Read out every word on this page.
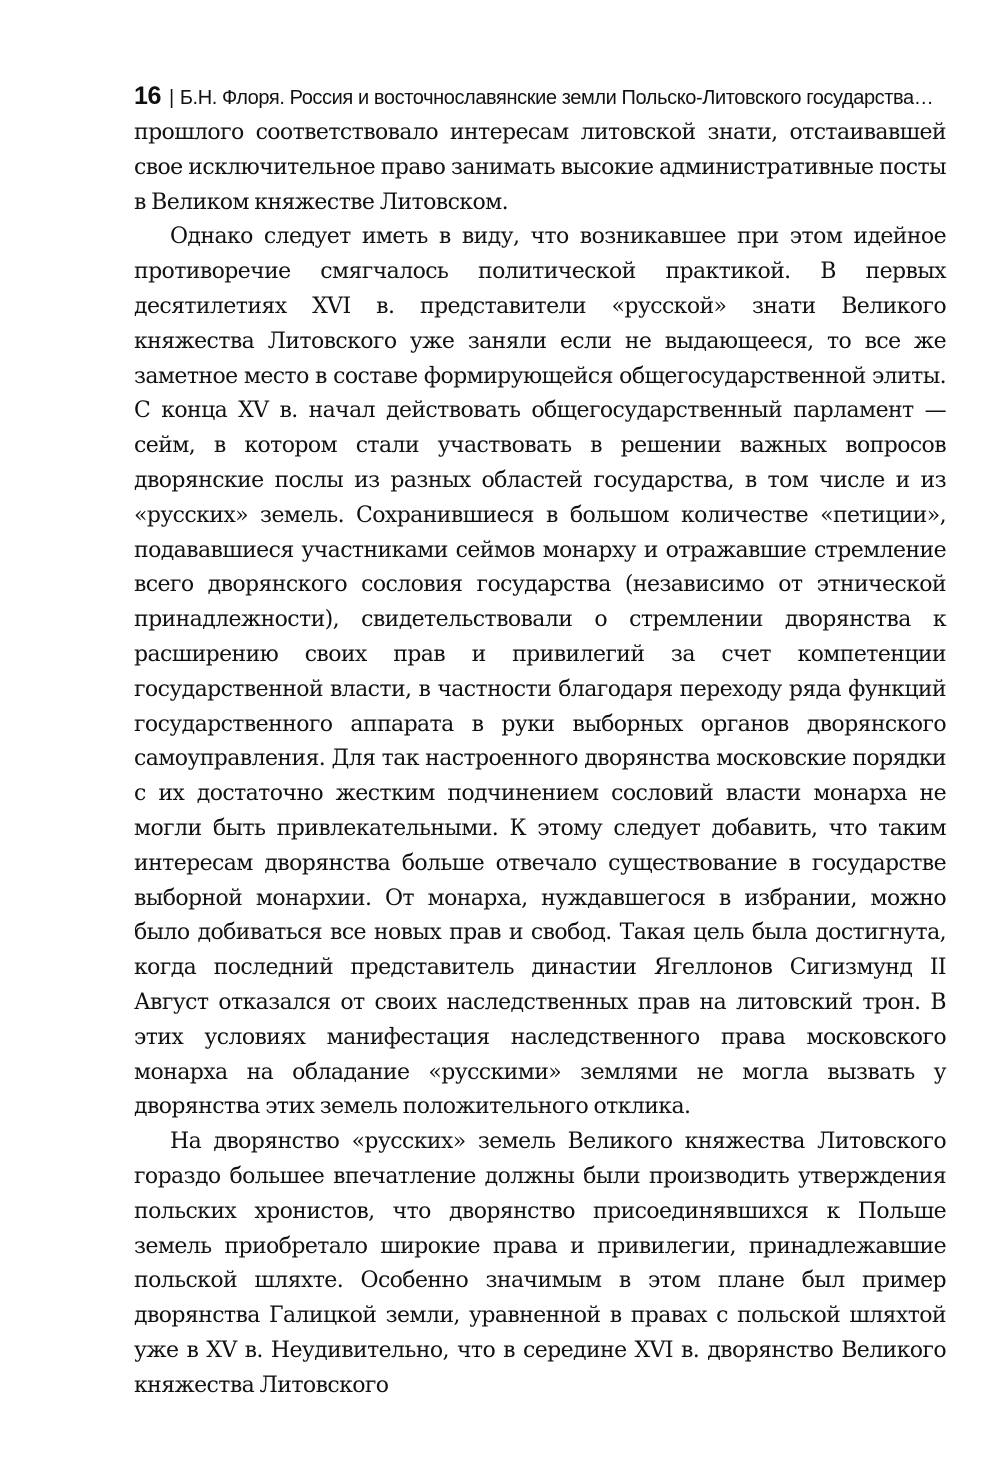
16 | Б.Н. Флоря. Россия и восточнославянские земли Польско-Литовского государства…

прошлого соответствовало интересам литовской знати, отстаивавшей свое исключительное право занимать высокие административные посты в Великом княжестве Литовском.

Однако следует иметь в виду, что возникавшее при этом идейное противоречие смягчалось политической практикой. В первых десятилетиях XVI в. представители «русской» знати Великого княжества Литовского уже заняли если не выдающееся, то все же заметное место в составе формирующейся общегосударственной элиты. С конца XV в. начал действовать общегосударственный парламент — сейм, в котором стали участвовать в решении важных вопросов дворянские послы из разных областей государства, в том числе и из «русских» земель. Сохранившиеся в большом количестве «петиции», подававшиеся участниками сеймов монарху и отражавшие стремление всего дворянского сословия государства (независимо от этнической принадлежности), свидетельствовали о стремлении дворянства к расширению своих прав и привилегий за счет компетенции государственной власти, в частности благодаря переходу ряда функций государственного аппарата в руки выборных органов дворянского самоуправления. Для так настроенного дворянства московские порядки с их достаточно жестким подчинением сословий власти монарха не могли быть привлекательными. К этому следует добавить, что таким интересам дворянства больше отвечало существование в государстве выборной монархии. От монарха, нуждавшегося в избрании, можно было добиваться все новых прав и свобод. Такая цель была достигнута, когда последний представитель династии Ягеллонов Сигизмунд II Август отказался от своих наследственных прав на литовский трон. В этих условиях манифестация наследственного права московского монарха на обладание «русскими» землями не могла вызвать у дворянства этих земель положительного отклика.

На дворянство «русских» земель Великого княжества Литовского гораздо большее впечатление должны были производить утверждения польских хронистов, что дворянство присоединявшихся к Польше земель приобретало широкие права и привилегии, принадлежавшие польской шляхте. Особенно значимым в этом плане был пример дворянства Галицкой земли, уравненной в правах с польской шляхтой уже в XV в. Неудивительно, что в середине XVI в. дворянство Великого княжества Литовского
